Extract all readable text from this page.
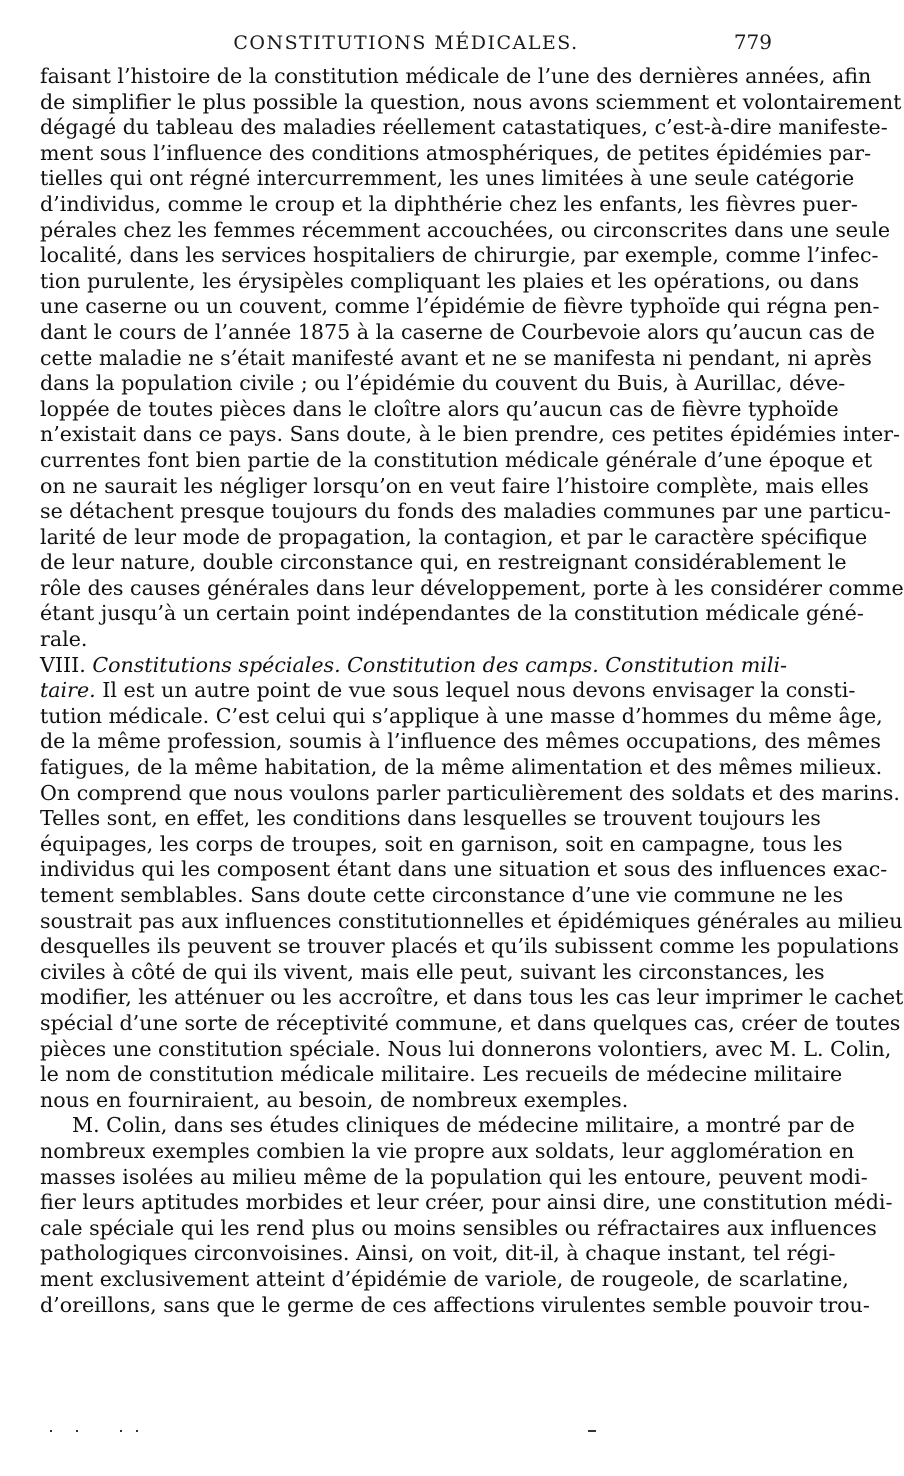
CONSTITUTIONS MÉDICALES.	779
faisant l’histoire de la constitution médicale de l’une des dernières années, afin
de simplifier le plus possible la question, nous avons sciemment et volontairement
dégagé du tableau des maladies réellement catastatiques, c’est-à-dire manifeste-
ment sous l’influence des conditions atmosphériques, de petites épidémies par-
tielles qui ont régné intercurremment, les unes limitées à une seule catégorie
d’individus, comme le croup et la diphthérie chez les enfants, les fièvres puer-
pérales chez les femmes récemment accouchées, ou circonscrites dans une seule
localité, dans les services hospitaliers de chirurgie, par exemple, comme l’infec-
tion purulente, les érysipèles compliquant les plaies et les opérations, ou dans
une caserne ou un couvent, comme l’épidémie de fièvre typhoïde qui régna pen-
dant le cours de l’année 1875 à la caserne de Courbevoie alors qu’aucun cas de
cette maladie ne s’était manifesté avant et ne se manifesta ni pendant, ni après
dans la population civile ; ou l’épidémie du couvent du Buis, à Aurillac, déve-
loppée de toutes pièces dans le cloître alors qu’aucun cas de fièvre typhoïde
n’existait dans ce pays. Sans doute, à le bien prendre, ces petites épidémies inter-
currentes font bien partie de la constitution médicale générale d’une époque et
on ne saurait les négliger lorsqu’on en veut faire l’histoire complète, mais elles
se détachent presque toujours du fonds des maladies communes par une particu-
larité de leur mode de propagation, la contagion, et par le caractère spécifique
de leur nature, double circonstance qui, en restreignant considérablement le
rôle des causes générales dans leur développement, porte à les considérer comme
étant jusqu’à un certain point indépendantes de la constitution médicale géné-
rale.
VIII. Constitutions spéciales. Constitution des camps. Constitution mili-
taire. Il est un autre point de vue sous lequel nous devons envisager la consti-
tution médicale. C’est celui qui s’applique à une masse d’hommes du même âge,
de la même profession, soumis à l’influence des mêmes occupations, des mêmes
fatigues, de la même habitation, de la même alimentation et des mêmes milieux.
On comprend que nous voulons parler particulièrement des soldats et des marins.
Telles sont, en effet, les conditions dans lesquelles se trouvent toujours les
équipages, les corps de troupes, soit en garnison, soit en campagne, tous les
individus qui les composent étant dans une situation et sous des influences exac-
tement semblables. Sans doute cette circonstance d’une vie commune ne les
soustrait pas aux influences constitutionnelles et épidémiques générales au milieu
desquelles ils peuvent se trouver placés et qu’ils subissent comme les populations
civiles à côté de qui ils vivent, mais elle peut, suivant les circonstances, les
modifier, les atténuer ou les accroître, et dans tous les cas leur imprimer le cachet
spécial d’une sorte de réceptivité commune, et dans quelques cas, créer de toutes
pièces une constitution spéciale. Nous lui donnerons volontiers, avec M. L. Colin,
le nom de constitution médicale militaire. Les recueils de médecine militaire
nous en fourniraient, au besoin, de nombreux exemples.
M. Colin, dans ses études cliniques de médecine militaire, a montré par de
nombreux exemples combien la vie propre aux soldats, leur agglomération en
masses isolées au milieu même de la population qui les entoure, peuvent modi-
fier leurs aptitudes morbides et leur créer, pour ainsi dire, une constitution médi-
cale spéciale qui les rend plus ou moins sensibles ou réfractaires aux influences
pathologiques circonvoisines. Ainsi, on voit, dit-il, à chaque instant, tel régi-
ment exclusivement atteint d’épidémie de variole, de rougeole, de scarlatine,
d’oreillons, sans que le germe de ces affections virulentes semble pouvoir trou-
